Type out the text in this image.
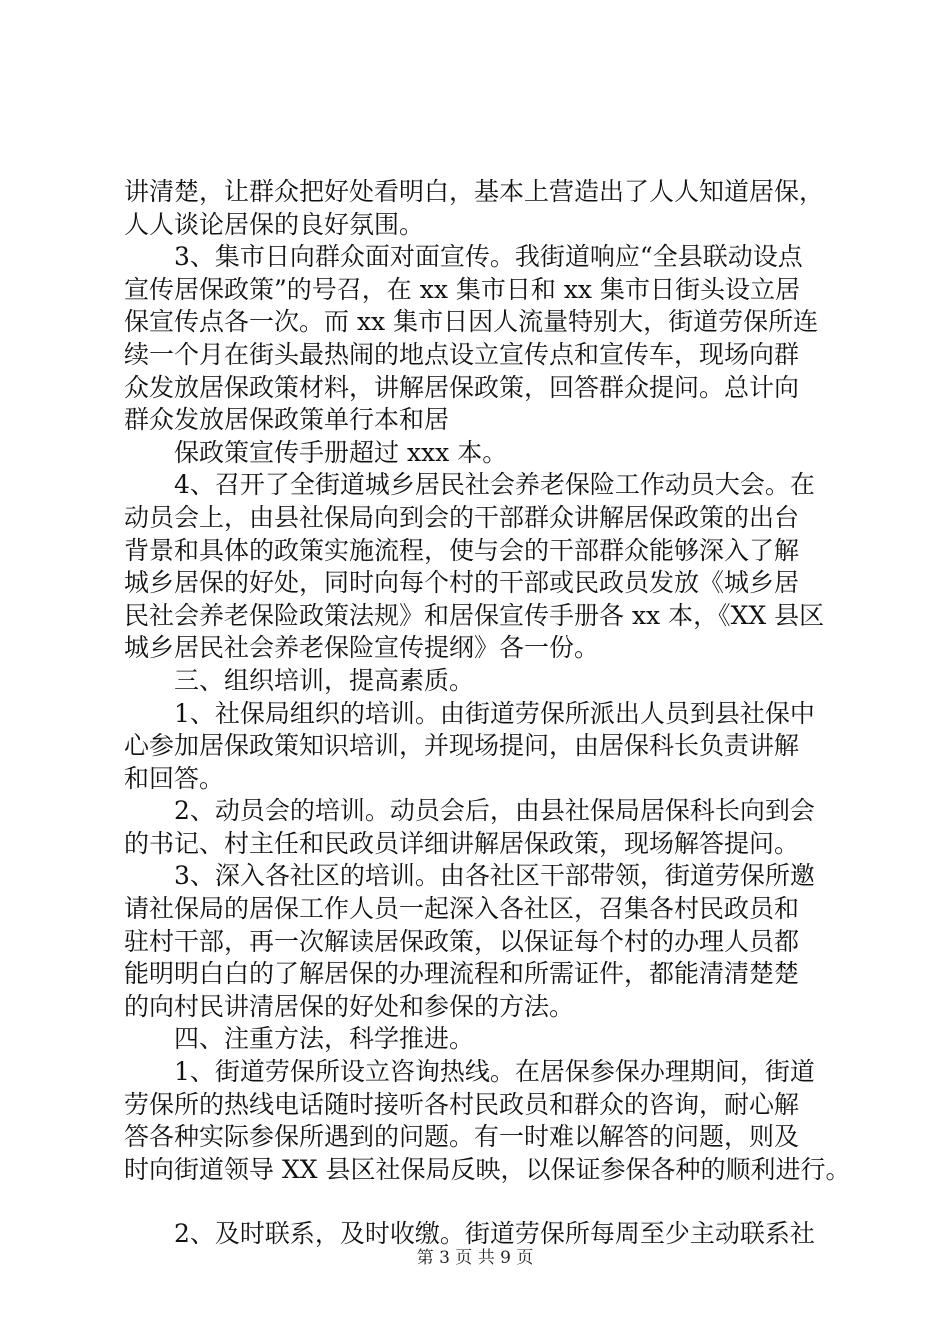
讲清楚，让群众把好处看明白，基本上营造出了人人知道居保，
人人谈论居保的良好氛围。
3、集市日向群众面对面宣传。我街道响应“全县联动设点
宣传居保政策”的号召，在 xx 集市日和 xx 集市日街头设立居
保宣传点各一次。而 xx 集市日因人流量特别大，街道劳保所连
续一个月在街头最热闹的地点设立宣传点和宣传车，现场向群
众发放居保政策材料，讲解居保政策，回答群众提问。总计向
群众发放居保政策单行本和居
保政策宣传手册超过 xxx 本。
4、召开了全街道城乡居民社会养老保险工作动员大会。在
动员会上，由县社保局向到会的干部群众讲解居保政策的出台
背景和具体的政策实施流程，使与会的干部群众能够深入了解
城乡居保的好处，同时向每个村的干部或民政员发放《城乡居
民社会养老保险政策法规》和居保宣传手册各 xx 本，《XX 县区
城乡居民社会养老保险宣传提纲》各一份。
三、组织培训，提高素质。
1、社保局组织的培训。由街道劳保所派出人员到县社保中
心参加居保政策知识培训，并现场提问，由居保科长负责讲解
和回答。
2、动员会的培训。动员会后，由县社保局居保科长向到会
的书记、村主任和民政员详细讲解居保政策，现场解答提问。
3、深入各社区的培训。由各社区干部带领，街道劳保所邀
请社保局的居保工作人员一起深入各社区，召集各村民政员和
驻村干部，再一次解读居保政策，以保证每个村的办理人员都
能明明白白的了解居保的办理流程和所需证件，都能清清楚楚
的向村民讲清居保的好处和参保的方法。
四、注重方法，科学推进。
1、街道劳保所设立咨询热线。在居保参保办理期间，街道
劳保所的热线电话随时接听各村民政员和群众的咨询，耐心解
答各种实际参保所遇到的问题。有一时难以解答的问题，则及
时向街道领导 XX 县区社保局反映，以保证参保各种的顺利进行。
2、及时联系，及时收缴。街道劳保所每周至少主动联系社
第 3 页 共 9 页
